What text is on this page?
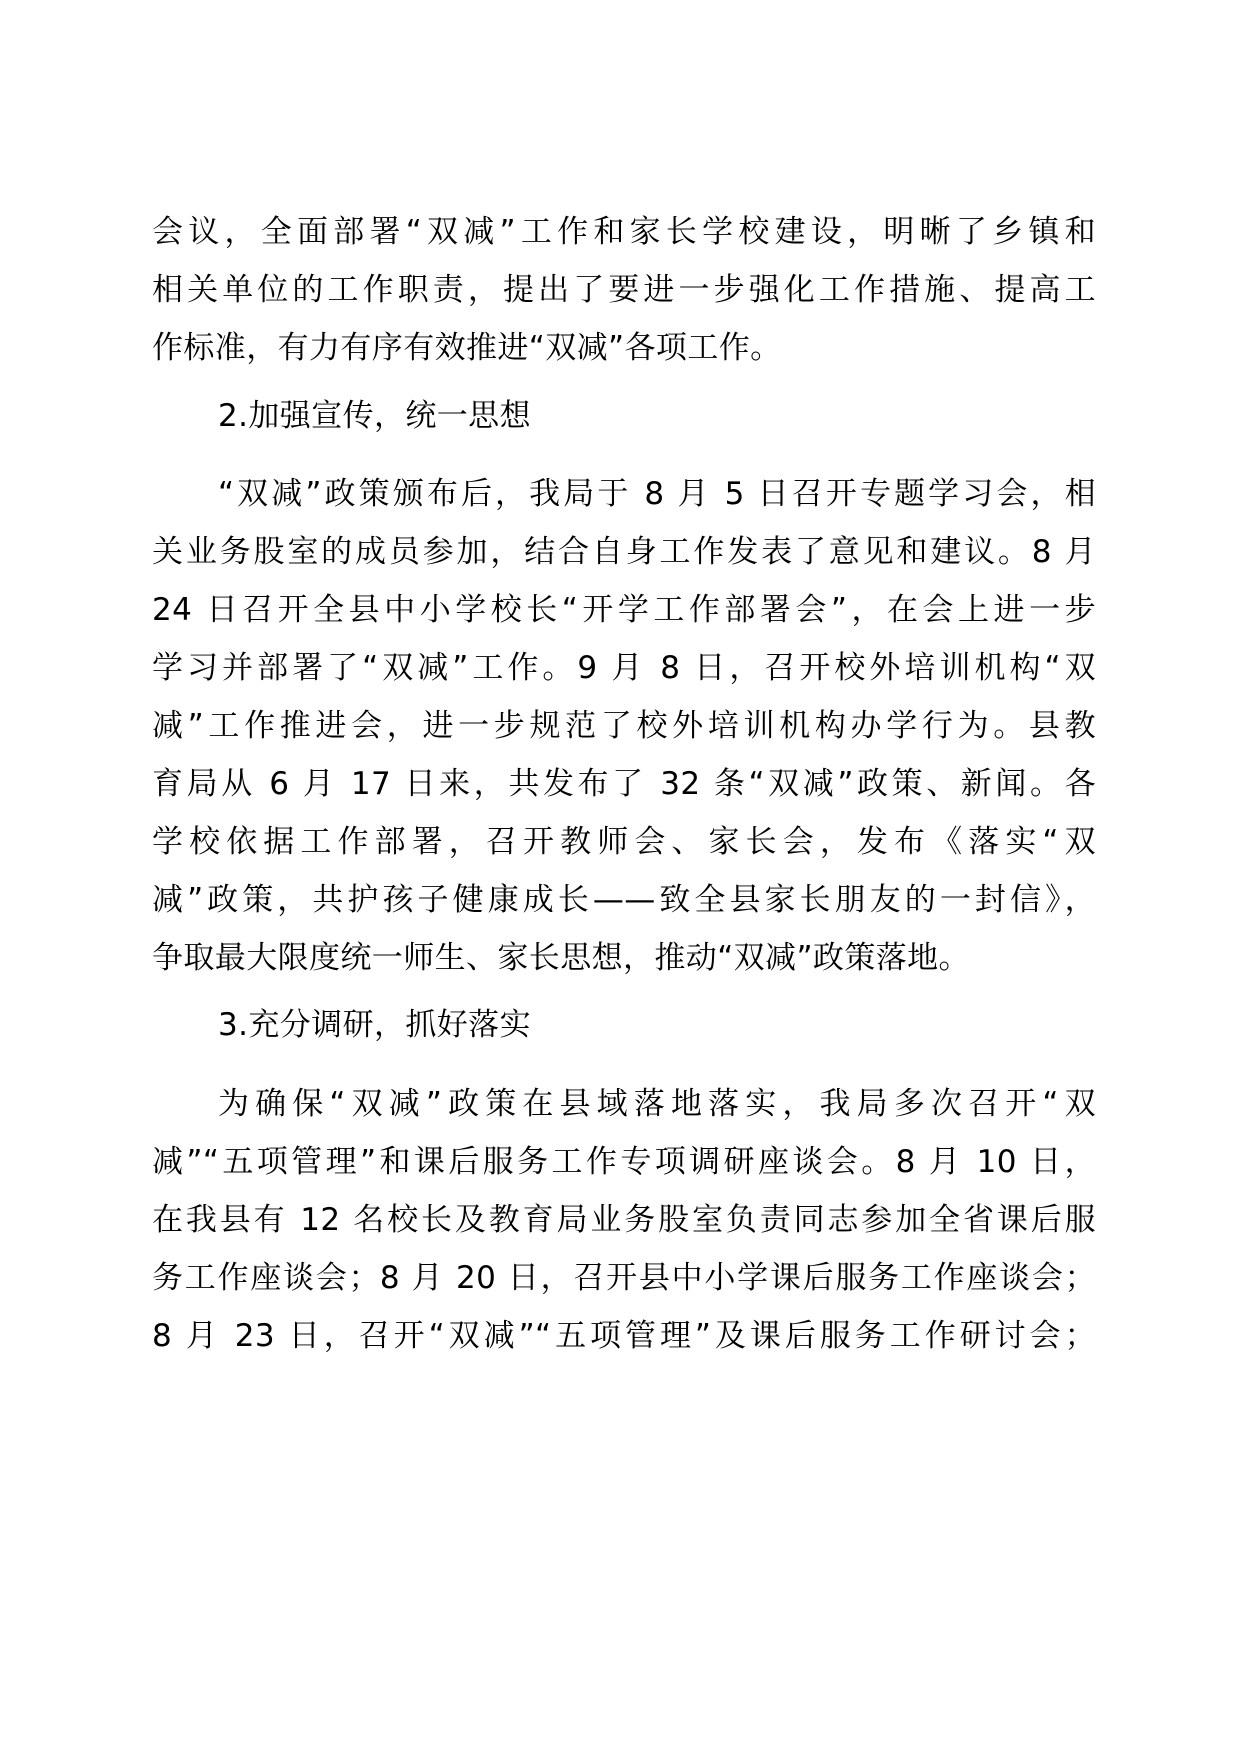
会议，全面部署“双减”工作和家长学校建设，明晰了乡镇和
相关单位的工作职责，提出了要进一步强化工作措施、提高工
作标准，有力有序有效推进“双减”各项工作。
2.加强宣传，统一思想
“双减”政策颁布后，我局于 8 月 5 日召开专题学习会，相
关业务股室的成员参加，结合自身工作发表了意见和建议。8 月
24 日召开全县中小学校长“开学工作部署会”，在会上进一步
学习并部署了“双减”工作。9 月 8 日，召开校外培训机构“双
减”工作推进会，进一步规范了校外培训机构办学行为。县教
育局从 6 月 17 日来，共发布了 32 条“双减”政策、新闻。各
学校依据工作部署，召开教师会、家长会，发布《落实“双
减”政策，共护孩子健康成长——致全县家长朋友的一封信》，
争取最大限度统一师生、家长思想，推动“双减”政策落地。
3.充分调研，抓好落实
为确保“双减”政策在县域落地落实，我局多次召开“双
减”“五项管理”和课后服务工作专项调研座谈会。8 月 10 日，
在我县有 12 名校长及教育局业务股室负责同志参加全省课后服
务工作座谈会；8 月 20 日，召开县中小学课后服务工作座谈会；
8 月 23 日，召开“双减”“五项管理”及课后服务工作研讨会；
